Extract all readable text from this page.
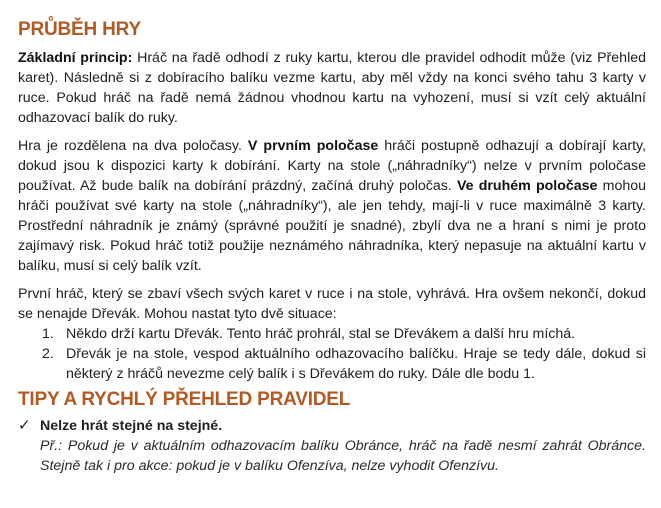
PRŮBĚH HRY

Základní princip: Hráč na řadě odhodí z ruky kartu, kterou dle pravidel odhodit může (viz Přehled karet). Následně si z dobíracího balíku vezme kartu, aby měl vždy na konci svého tahu 3 karty v ruce. Pokud hráč na řadě nemá žádnou vhodnou kartu na vyhození, musí si vzít celý aktuální odhazovací balík do ruky.

Hra je rozdělena na dva poločasy. V prvním poločase hráči postupně odhazují a dobírají karty, dokud jsou k dispozici karty k dobírání. Karty na stole („náhradníky“) nelze v prvním poločase používat. Až bude balík na dobírání prázdný, začíná druhý poločas. Ve druhém poločase mohou hráči používat své karty na stole („náhradníky“), ale jen tehdy, mají-li v ruce maximálně 3 karty. Prostřední náhradník je známý (správné použití je snadné), zbylí dva ne a hraní s nimi je proto zajímavý risk. Pokud hráč totiž použije neznámého náhradníka, který nepasuje na aktuální kartu v balíku, musí si celý balík vzít.

První hráč, který se zbaví všech svých karet v ruce i na stole, vyhrává. Hra ovšem nekončí, dokud se nenajde Dřevák. Mohou nastat tyto dvě situace:

1. Někdo drží kartu Dřevák. Tento hráč prohrál, stal se Dřevákem a další hru míchá.
2. Dřevák je na stole, vespod aktuálního odhazovacího balíčku. Hraje se tedy dále, dokud si některý z hráčů nevezme celý balík i s Dřevákem do ruky. Dále dle bodu 1.
TIPY A RYCHLÝ PŘEHLED PRAVIDEL
✓ Nelze hrát stejné na stejné.
Př.: Pokud je v aktuálním odhazovacím balíku Obránce, hráč na řadě nesmí zahrát Obránce. Stejně tak i pro akce: pokud je v balíku Ofenzíva, nelze vyhodit Ofenzívu.
